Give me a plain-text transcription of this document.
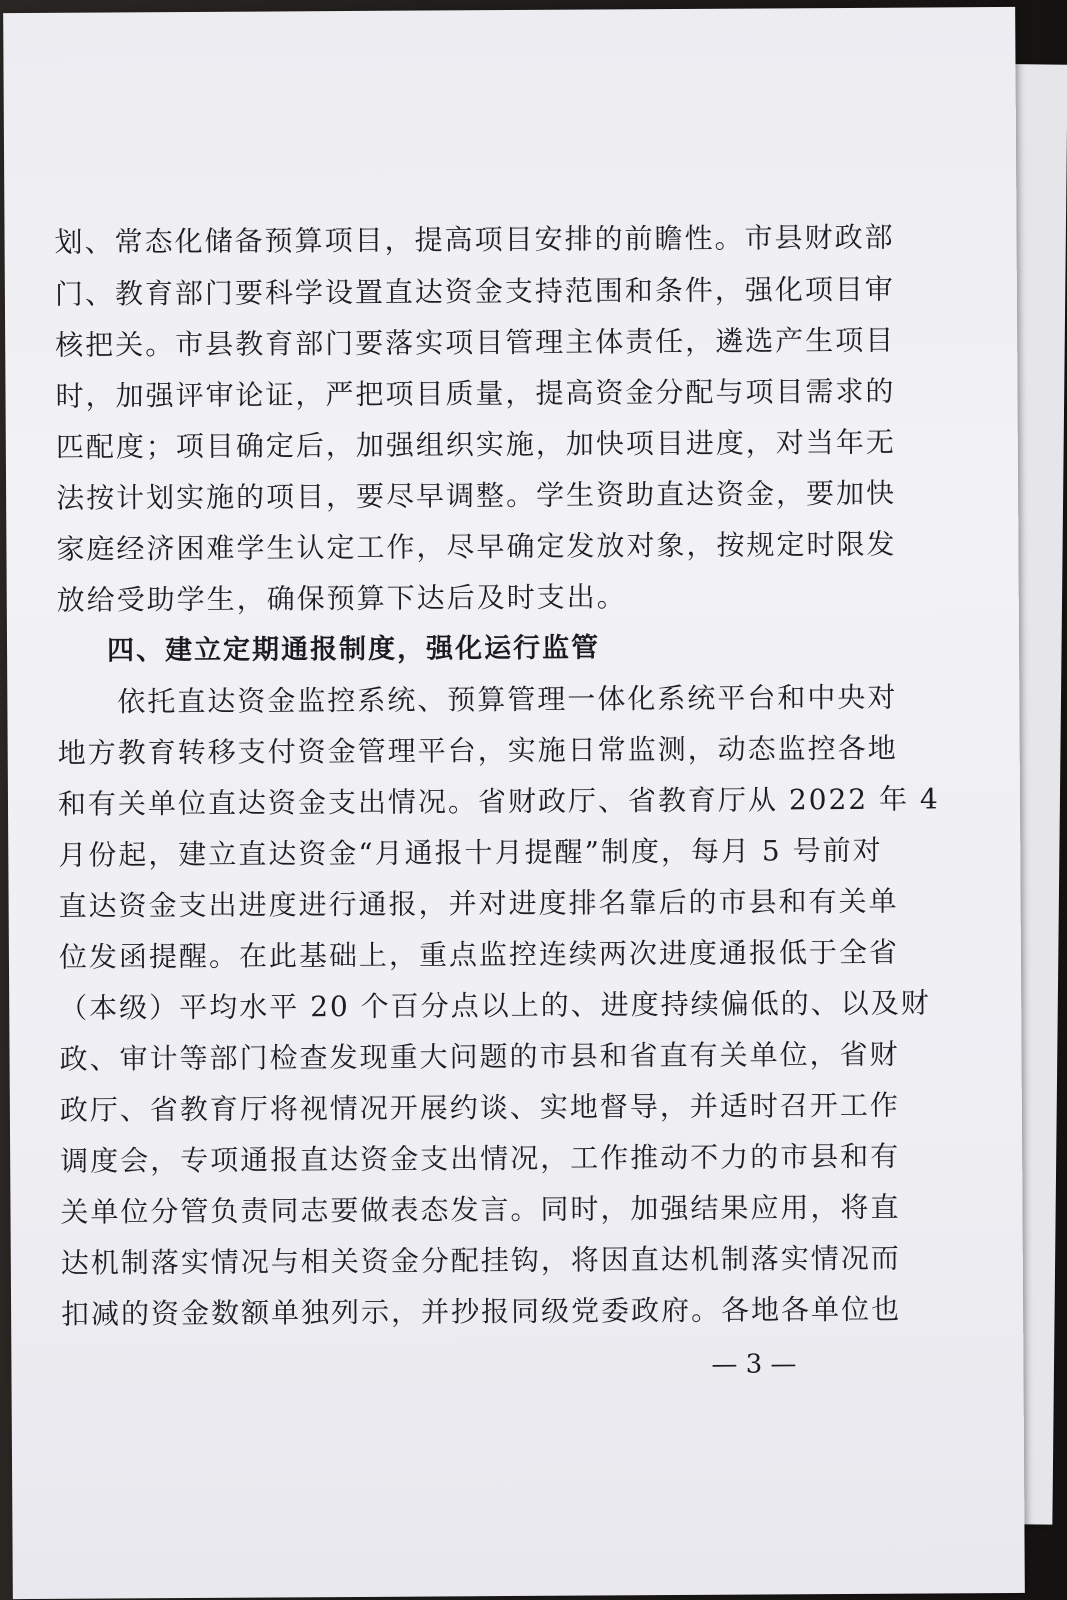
划、常态化储备预算项目，提高项目安排的前瞻性。市县财政部
门、教育部门要科学设置直达资金支持范围和条件，强化项目审
核把关。市县教育部门要落实项目管理主体责任，遴选产生项目
时，加强评审论证，严把项目质量，提高资金分配与项目需求的
匹配度；项目确定后，加强组织实施，加快项目进度，对当年无
法按计划实施的项目，要尽早调整。学生资助直达资金，要加快
家庭经济困难学生认定工作，尽早确定发放对象，按规定时限发
放给受助学生，确保预算下达后及时支出。
四、建立定期通报制度，强化运行监管
　　依托直达资金监控系统、预算管理一体化系统平台和中央对
地方教育转移支付资金管理平台，实施日常监测，动态监控各地
和有关单位直达资金支出情况。省财政厅、省教育厅从 2022 年 4
月份起，建立直达资金“月通报十月提醒”制度，每月 5 号前对
直达资金支出进度进行通报，并对进度排名靠后的市县和有关单
位发函提醒。在此基础上，重点监控连续两次进度通报低于全省
（本级）平均水平 20 个百分点以上的、进度持续偏低的、以及财
政、审计等部门检查发现重大问题的市县和省直有关单位，省财
政厅、省教育厅将视情况开展约谈、实地督导，并适时召开工作
调度会，专项通报直达资金支出情况，工作推动不力的市县和有
关单位分管负责同志要做表态发言。同时，加强结果应用，将直
达机制落实情况与相关资金分配挂钩，将因直达机制落实情况而
扣减的资金数额单独列示，并抄报同级党委政府。各地各单位也
— 3 —
